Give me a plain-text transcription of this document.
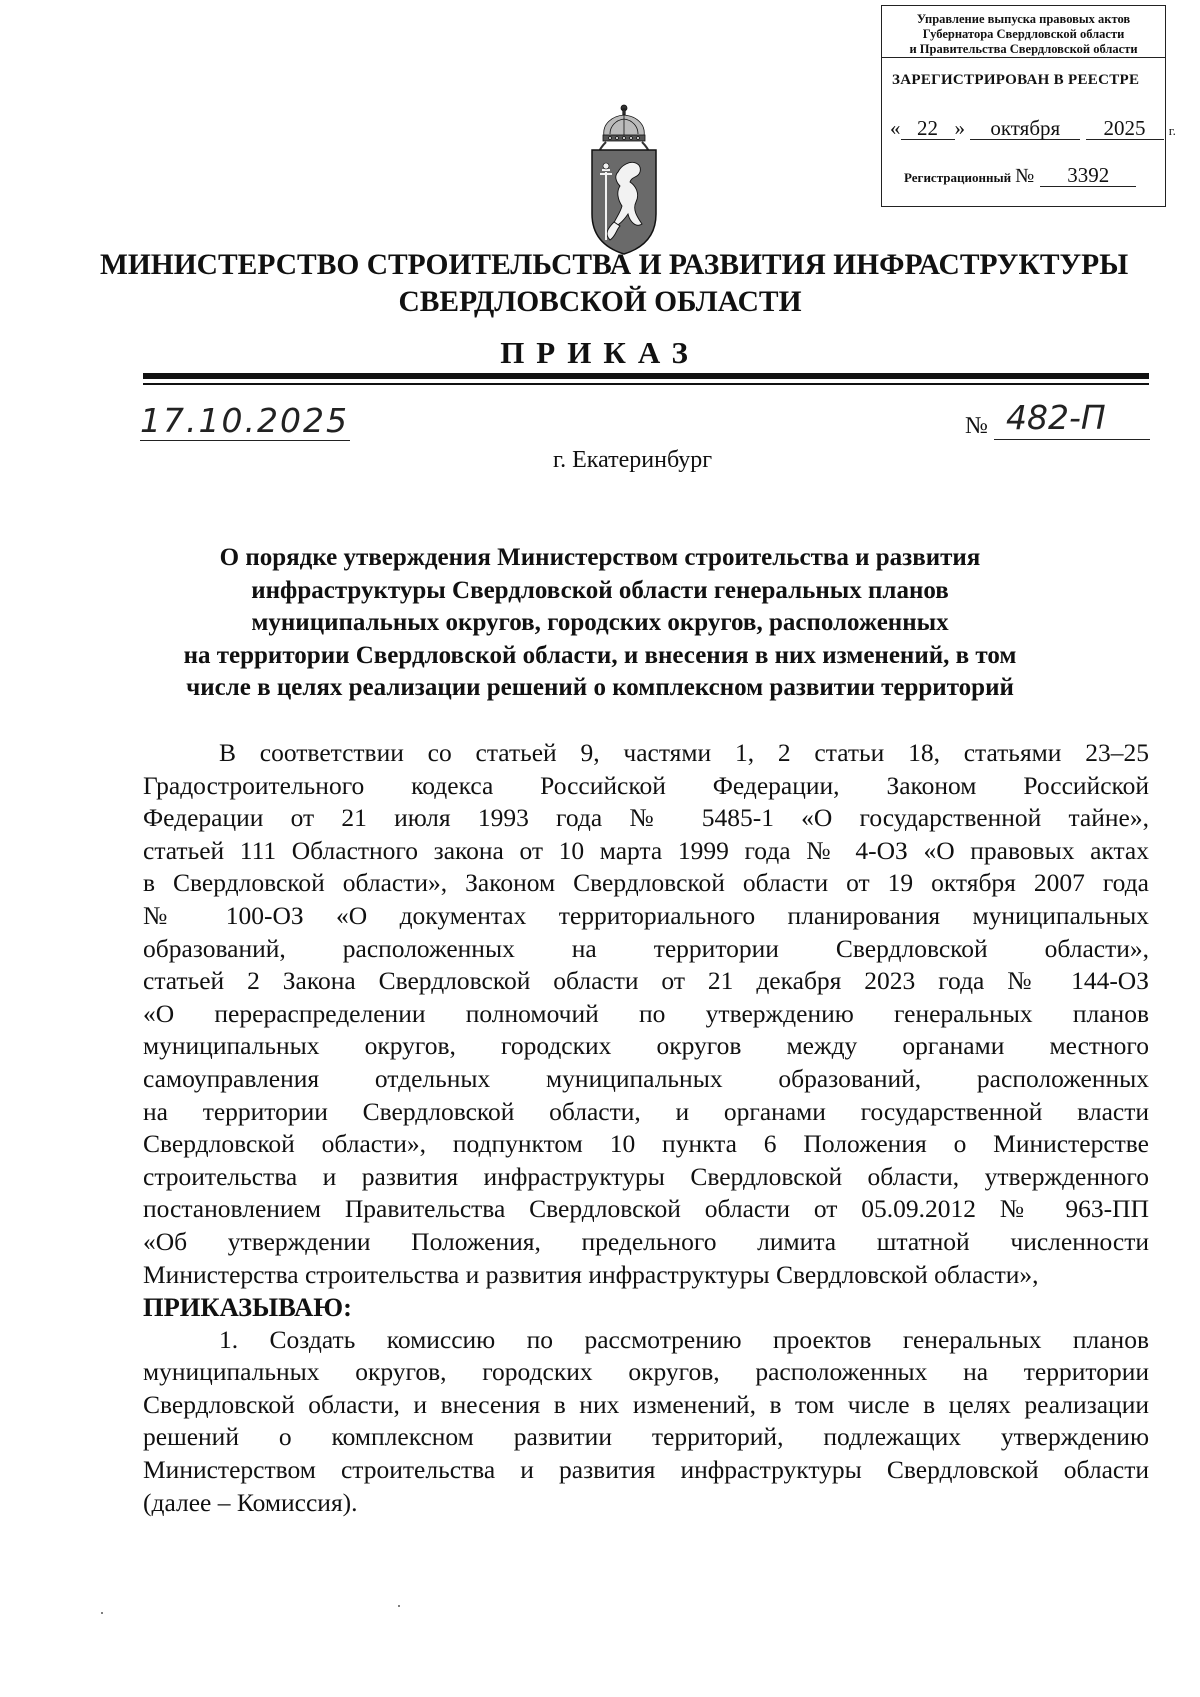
Управление выпуска правовых актов
Губернатора Свердловской области
и Правительства Свердловской области
ЗАРЕГИСТРИРОВАН В РЕЕСТРЕ
« 22 » октября 2025 г.
Регистрационный № 3392
МИНИСТЕРСТВО СТРОИТЕЛЬСТВА И РАЗВИТИЯ ИНФРАСТРУКТУРЫ
СВЕРДЛОВСКОЙ ОБЛАСТИ
ПРИКАЗ
17.10.2025	№ 482-П
г. Екатеринбург
О порядке утверждения Министерством строительства и развития
инфраструктуры Свердловской области генеральных планов
муниципальных округов, городских округов, расположенных
на территории Свердловской области, и внесения в них изменений, в том
числе в целях реализации решений о комплексном развитии территорий
В соответствии со статьей 9, частями 1, 2 статьи 18, статьями 23–25
Градостроительного кодекса Российской Федерации, Законом Российской
Федерации от 21 июля 1993 года № 5485-1 «О государственной тайне»,
статьей 111 Областного закона от 10 марта 1999 года № 4-ОЗ «О правовых актах
в Свердловской области», Законом Свердловской области от 19 октября 2007 года
№ 100-ОЗ «О документах территориального планирования муниципальных
образований, расположенных на территории Свердловской области»,
статьей 2 Закона Свердловской области от 21 декабря 2023 года № 144-ОЗ
«О перераспределении полномочий по утверждению генеральных планов
муниципальных округов, городских округов между органами местного
самоуправления отдельных муниципальных образований, расположенных
на территории Свердловской области, и органами государственной власти
Свердловской области», подпунктом 10 пункта 6 Положения о Министерстве
строительства и развития инфраструктуры Свердловской области, утвержденного
постановлением Правительства Свердловской области от 05.09.2012 № 963-ПП
«Об утверждении Положения, предельного лимита штатной численности
Министерства строительства и развития инфраструктуры Свердловской области»,
ПРИКАЗЫВАЮ:
1. Создать комиссию по рассмотрению проектов генеральных планов
муниципальных округов, городских округов, расположенных на территории
Свердловской области, и внесения в них изменений, в том числе в целях реализации
решений о комплексном развитии территорий, подлежащих утверждению
Министерством строительства и развития инфраструктуры Свердловской области
(далее – Комиссия).
